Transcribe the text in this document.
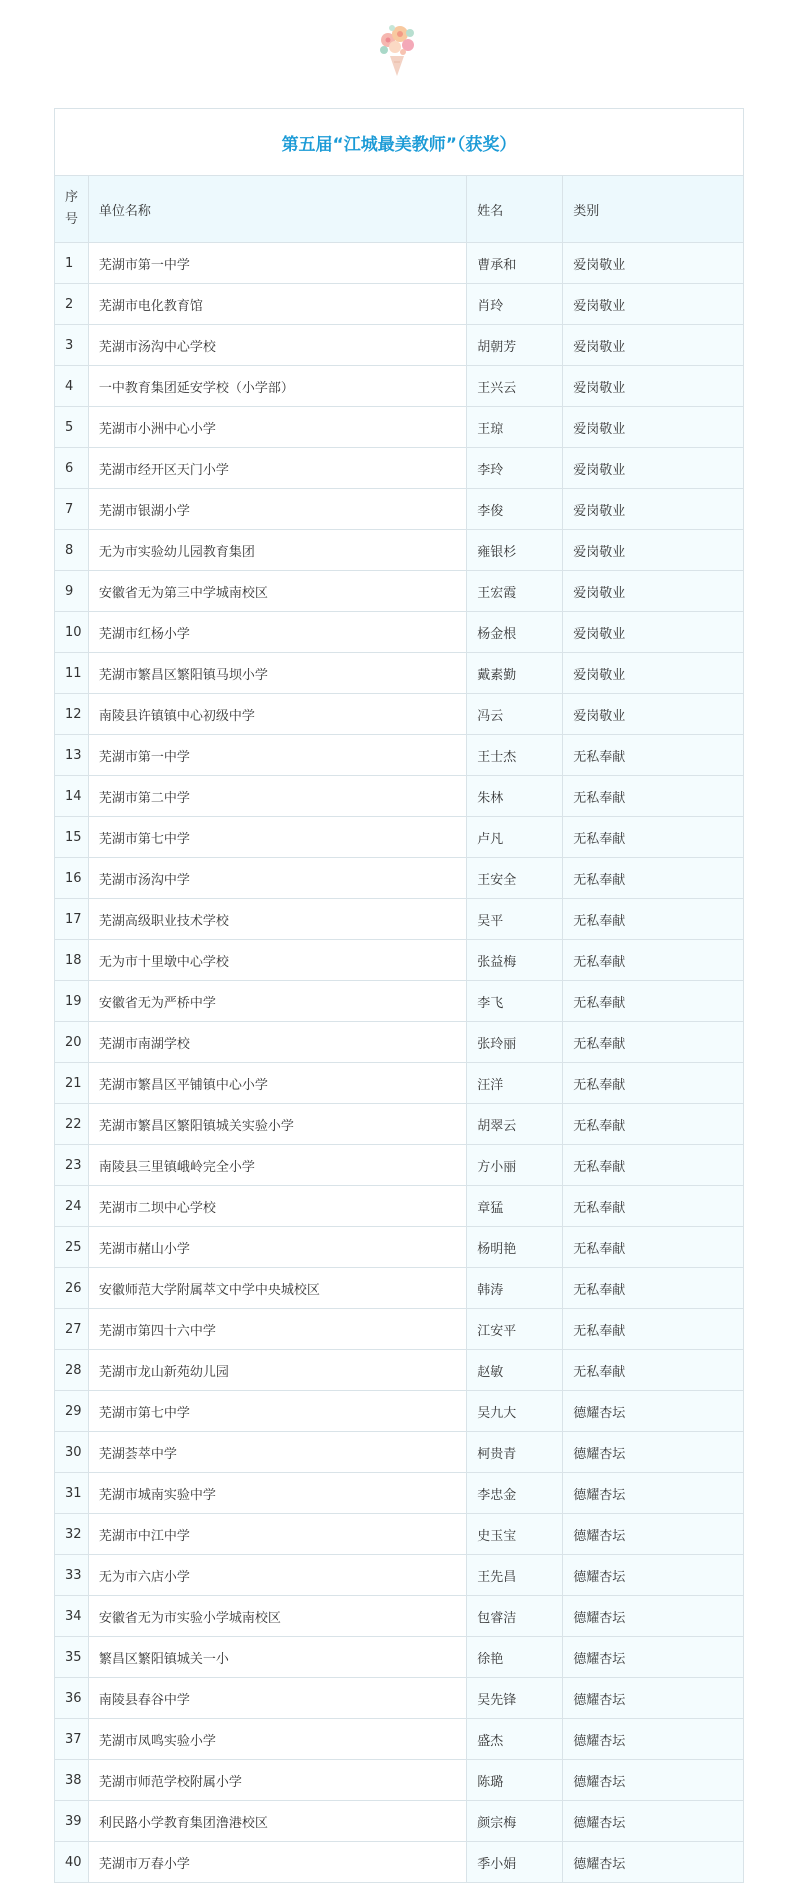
第五届“江城最美教师”（获奖）			
序号	单位名称	姓名	类别
1	芜湖市第一中学	曹承和	爱岗敬业
2	芜湖市电化教育馆	肖玲	爱岗敬业
3	芜湖市汤沟中心学校	胡朝芳	爱岗敬业
4	一中教育集团延安学校（小学部）	王兴云	爱岗敬业
5	芜湖市小洲中心小学	王琼	爱岗敬业
6	芜湖市经开区天门小学	李玲	爱岗敬业
7	芜湖市银湖小学	李俊	爱岗敬业
8	无为市实验幼儿园教育集团	雍银杉	爱岗敬业
9	安徽省无为第三中学城南校区	王宏霞	爱岗敬业
10	芜湖市红杨小学	杨金根	爱岗敬业
11	芜湖市繁昌区繁阳镇马坝小学	戴素勤	爱岗敬业
12	南陵县许镇镇中心初级中学	冯云	爱岗敬业
13	芜湖市第一中学	王士杰	无私奉献
14	芜湖市第二中学	朱林	无私奉献
15	芜湖市第七中学	卢凡	无私奉献
16	芜湖市汤沟中学	王安全	无私奉献
17	芜湖高级职业技术学校	吴平	无私奉献
18	无为市十里墩中心学校	张益梅	无私奉献
19	安徽省无为严桥中学	李飞	无私奉献
20	芜湖市南湖学校	张玲丽	无私奉献
21	芜湖市繁昌区平铺镇中心小学	汪洋	无私奉献
22	芜湖市繁昌区繁阳镇城关实验小学	胡翠云	无私奉献
23	南陵县三里镇峨岭完全小学	方小丽	无私奉献
24	芜湖市二坝中心学校	章猛	无私奉献
25	芜湖市赭山小学	杨明艳	无私奉献
26	安徽师范大学附属萃文中学中央城校区	韩涛	无私奉献
27	芜湖市第四十六中学	江安平	无私奉献
28	芜湖市龙山新苑幼儿园	赵敏	无私奉献
29	芜湖市第七中学	吴九大	德耀杏坛
30	芜湖荟萃中学	柯贵青	德耀杏坛
31	芜湖市城南实验中学	李忠金	德耀杏坛
32	芜湖市中江中学	史玉宝	德耀杏坛
33	无为市六店小学	王先昌	德耀杏坛
34	安徽省无为市实验小学城南校区	包睿洁	德耀杏坛
35	繁昌区繁阳镇城关一小	徐艳	德耀杏坛
36	南陵县春谷中学	吴先锋	德耀杏坛
37	芜湖市凤鸣实验小学	盛杰	德耀杏坛
38	芜湖市师范学校附属小学	陈璐	德耀杏坛
39	利民路小学教育集团澛港校区	颜宗梅	德耀杏坛
40	芜湖市万春小学	季小娟	德耀杏坛
